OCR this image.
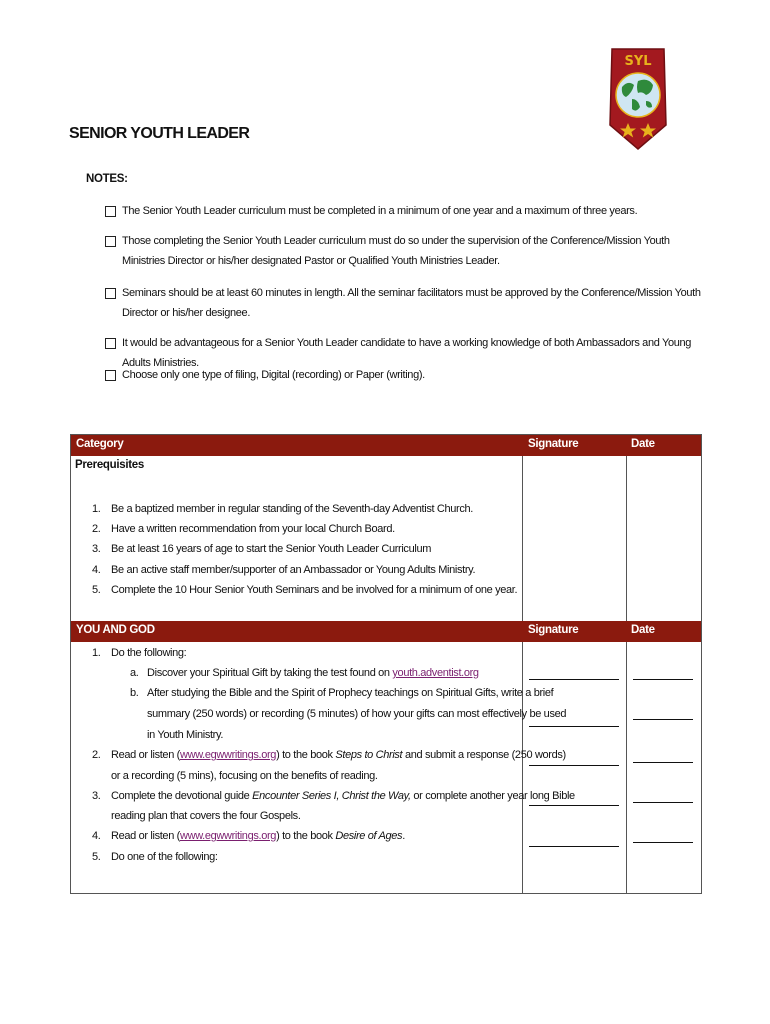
SYL
SENIOR YOUTH LEADER
NOTES:
The Senior Youth Leader curriculum must be completed in a minimum of one year and a maximum of three years.
Those completing the Senior Youth Leader curriculum must do so under the supervision of the Conference/Mission Youth Ministries Director or his/her designated Pastor or Qualified Youth Ministries Leader.
Seminars should be at least 60 minutes in length. All the seminar facilitators must be approved by the Conference/Mission Youth Director or his/her designee.
It would be advantageous for a Senior Youth Leader candidate to have a working knowledge of both Ambassadors and Young Adults Ministries.
Choose only one type of filing, Digital (recording) or Paper (writing).
Category	Signature	Date
Prerequisites
1. Be a baptized member in regular standing of the Seventh-day Adventist Church.
2. Have a written recommendation from your local Church Board.
3. Be at least 16 years of age to start the Senior Youth Leader Curriculum
4. Be an active staff member/supporter of an Ambassador or Young Adults Ministry.
5. Complete the 10 Hour Senior Youth Seminars and be involved for a minimum of one year.
YOU AND GOD	Signature	Date
1. Do the following:
a. Discover your Spiritual Gift by taking the test found on youth.adventist.org
b. After studying the Bible and the Spirit of Prophecy teachings on Spiritual Gifts, write a brief
summary (250 words) or recording (5 minutes) of how your gifts can most effectively be used
in Youth Ministry.
2. Read or listen (www.egwwritings.org) to the book Steps to Christ and submit a response (250 words)
or a recording (5 mins), focusing on the benefits of reading.
3. Complete the devotional guide Encounter Series I, Christ the Way, or complete another year long Bible
reading plan that covers the four Gospels.
4. Read or listen (www.egwwritings.org) to the book Desire of Ages.
5. Do one of the following:
